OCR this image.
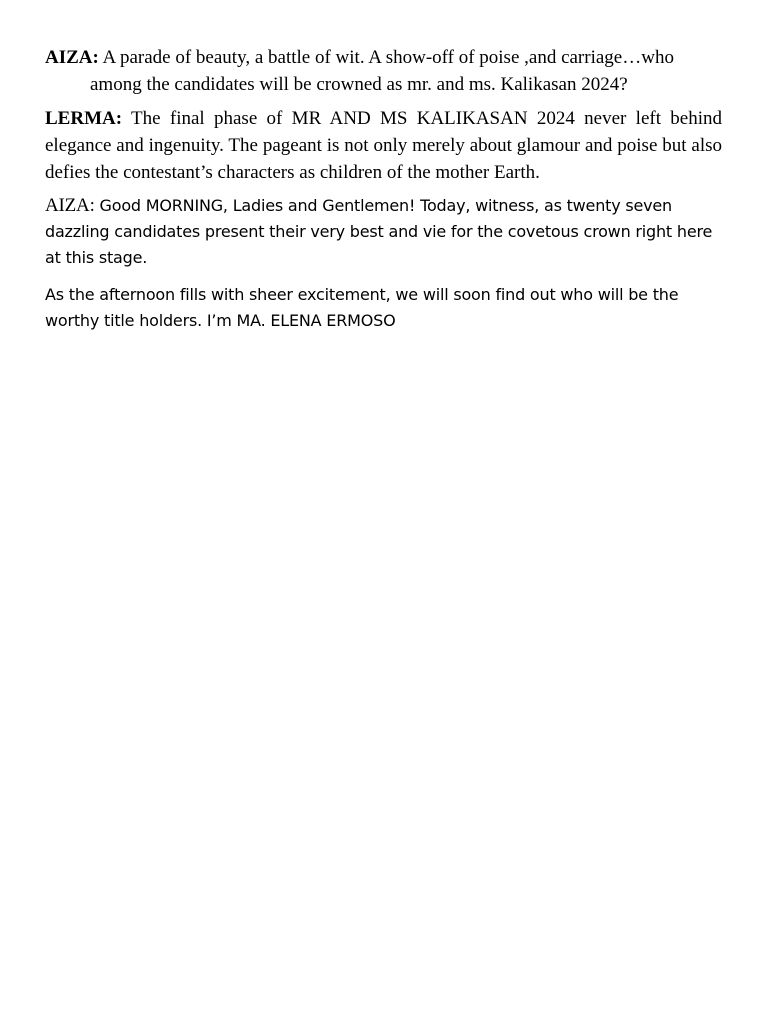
AIZA: A parade of beauty, a battle of wit. A show-off of poise ,and carriage…who among the candidates will be crowned as mr. and ms. Kalikasan 2024?

LERMA: The final phase of MR AND MS KALIKASAN 2024 never left behind elegance and ingenuity. The pageant is not only merely about glamour and poise but also defies the contestant’s characters as children of the mother Earth.

AIZA: Good MORNING, Ladies and Gentlemen! Today, witness, as twenty seven dazzling candidates present their very best and vie for the covetous crown right here at this stage.

As the afternoon fills with sheer excitement, we will soon find out who will be the worthy title holders. I’m MA. ELENA ERMOSO
